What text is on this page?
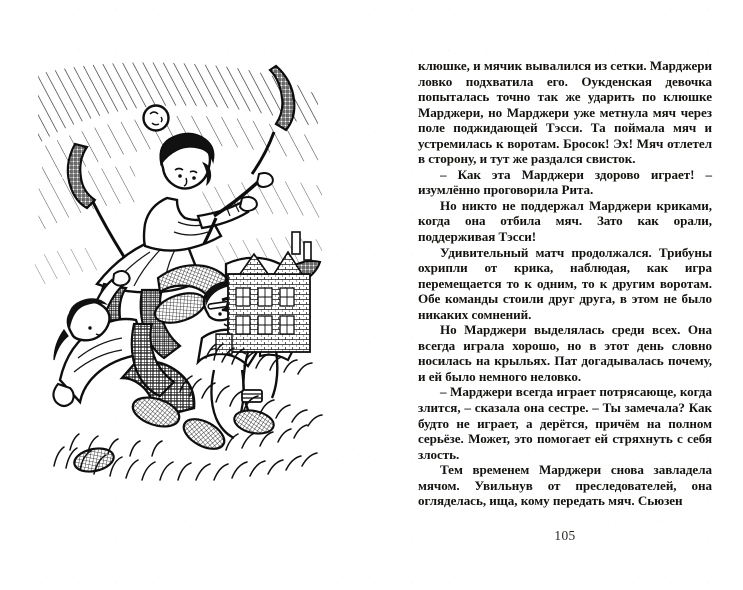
клюшке, и мячик вывалился из сетки. Марджери ловко подхватила его. Оукденская девочка попыталась точно так же ударить по клюшке Марджери, но Марджери уже метнула мяч через поле поджидающей Тэсси. Та поймала мяч и устремилась к воротам. Бросок! Эх! Мяч отлетел в сторону, и тут же раздался свисток.

– Как эта Марджери здорово играет! – изумлённо проговорила Рита.

Но никто не поддержал Марджери криками, когда она отбила мяч. Зато как орали, поддерживая Тэсси!

Удивительный матч продолжался. Трибуны охрипли от крика, наблюдая, как игра перемещается то к одним, то к другим воротам. Обе команды стоили друг друга, в этом не было никаких сомнений.

Но Марджери выделялась среди всех. Она всегда играла хорошо, но в этот день словно носилась на крыльях. Пат догадывалась почему, и ей было немного неловко.

– Марджери всегда играет потрясающе, когда злится, – сказала она сестре. – Ты замечала? Как будто не играет, а дерётся, причём на полном серьёзе. Может, это помогает ей стряхнуть с себя злость.

Тем временем Марджери снова завладела мячом. Увильнув от преследователей, она огляделась, ища, кому передать мяч. Сьюзен

105
